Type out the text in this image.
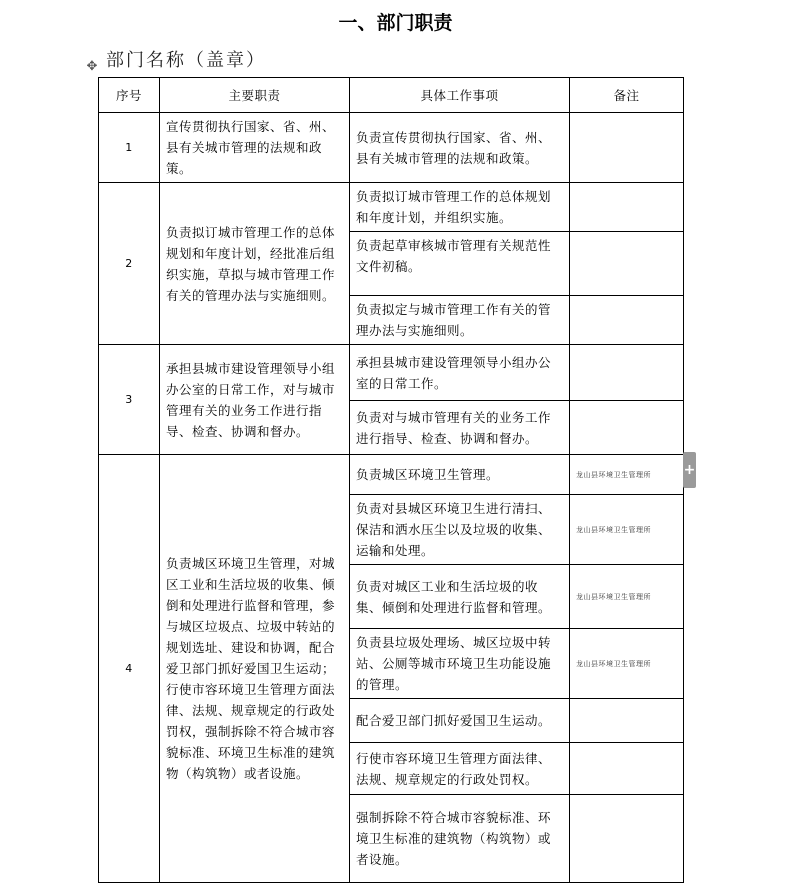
一、部门职责
✥ 部门名称（盖章）
序号	主要职责	具体工作事项	备注
1	宣传贯彻执行国家、省、州、县有关城市管理的法规和政策。	负责宣传贯彻执行国家、省、州、县有关城市管理的法规和政策。	
2	负责拟订城市管理工作的总体规划和年度计划，经批准后组织实施，草拟与城市管理工作有关的管理办法与实施细则。	负责拟订城市管理工作的总体规划和年度计划，并组织实施。	
		负责起草审核城市管理有关规范性文件初稿。	
		负责拟定与城市管理工作有关的管理办法与实施细则。	
3	承担县城市建设管理领导小组办公室的日常工作，对与城市管理有关的业务工作进行指导、检查、协调和督办。	承担县城市建设管理领导小组办公室的日常工作。	
		负责对与城市管理有关的业务工作进行指导、检查、协调和督办。	
4	负责城区环境卫生管理，对城区工业和生活垃圾的收集、倾倒和处理进行监督和管理，参与城区垃圾点、垃圾中转站的规划选址、建设和协调，配合爱卫部门抓好爱国卫生运动；行使市容环境卫生管理方面法律、法规、规章规定的行政处罚权，强制拆除不符合城市容貌标准、环境卫生标准的建筑物（构筑物）或者设施。	负责城区环境卫生管理。	龙山县环境卫生管理所
		负责对县城区环境卫生进行清扫、保洁和洒水压尘以及垃圾的收集、运输和处理。	龙山县环境卫生管理所
		负责对城区工业和生活垃圾的收集、倾倒和处理进行监督和管理。	龙山县环境卫生管理所
		负责县垃圾处理场、城区垃圾中转站、公厕等城市环境卫生功能设施的管理。	龙山县环境卫生管理所
		配合爱卫部门抓好爱国卫生运动。	
		行使市容环境卫生管理方面法律、法规、规章规定的行政处罚权。	
		强制拆除不符合城市容貌标准、环境卫生标准的建筑物（构筑物）或者设施。	
+
